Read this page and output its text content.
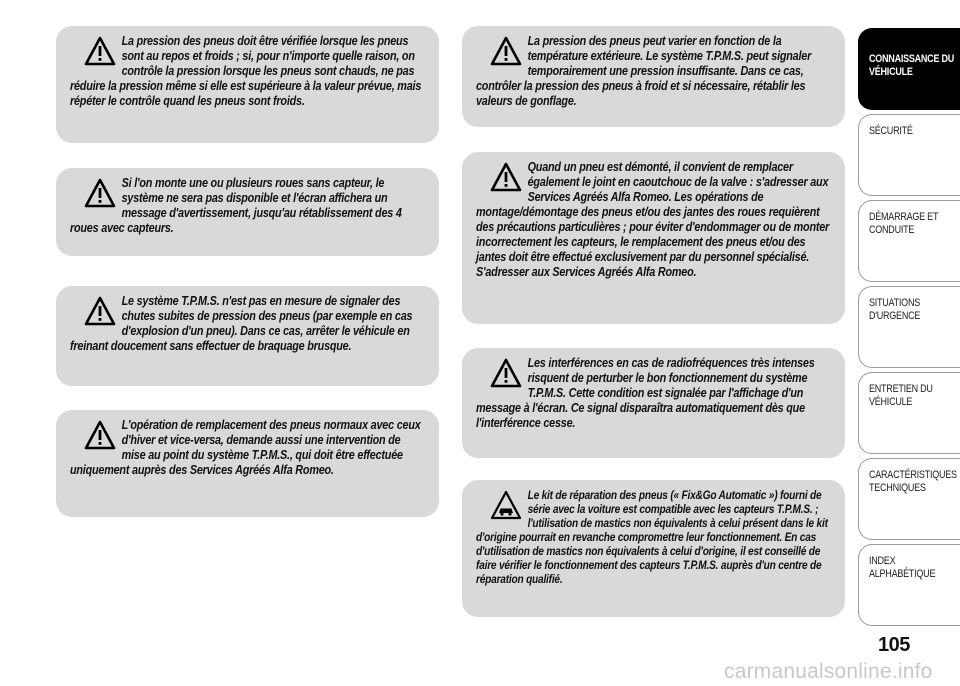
La pression des pneus doit être vérifiée lorsque les pneus sont au repos et froids ; si, pour n'importe quelle raison, on contrôle la pression lorsque les pneus sont chauds, ne pas réduire la pression même si elle est supérieure à la valeur prévue, mais répéter le contrôle quand les pneus sont froids.

Si l'on monte une ou plusieurs roues sans capteur, le système ne sera pas disponible et l'écran affichera un message d'avertissement, jusqu'au rétablissement des 4 roues avec capteurs.

Le système T.P.M.S. n'est pas en mesure de signaler des chutes subites de pression des pneus (par exemple en cas d'explosion d'un pneu). Dans ce cas, arrêter le véhicule en freinant doucement sans effectuer de braquage brusque.

L'opération de remplacement des pneus normaux avec ceux d'hiver et vice-versa, demande aussi une intervention de mise au point du système T.P.M.S., qui doit être effectuée uniquement auprès des Services Agréés Alfa Romeo.

La pression des pneus peut varier en fonction de la température extérieure. Le système T.P.M.S. peut signaler temporairement une pression insuffisante. Dans ce cas, contrôler la pression des pneus à froid et si nécessaire, rétablir les valeurs de gonflage.

Quand un pneu est démonté, il convient de remplacer également le joint en caoutchouc de la valve : s'adresser aux Services Agréés Alfa Romeo. Les opérations de montage/démontage des pneus et/ou des jantes des roues requièrent des précautions particulières ; pour éviter d'endommager ou de monter incorrectement les capteurs, le remplacement des pneus et/ou des jantes doit être effectué exclusivement par du personnel spécialisé. S'adresser aux Services Agréés Alfa Romeo.

Les interférences en cas de radiofréquences très intenses risquent de perturber le bon fonctionnement du système T.P.M.S. Cette condition est signalée par l'affichage d'un message à l'écran. Ce signal disparaîtra automatiquement dès que l'interférence cesse.

Le kit de réparation des pneus (« Fix&Go Automatic ») fourni de série avec la voiture est compatible avec les capteurs T.P.M.S. ; l'utilisation de mastics non équivalents à celui présent dans le kit d'origine pourrait en revanche compromettre leur fonctionnement. En cas d'utilisation de mastics non équivalents à celui d'origine, il est conseillé de faire vérifier le fonctionnement des capteurs T.P.M.S. auprès d'un centre de réparation qualifié.

CONNAISSANCE DU VÉHICULE
SÉCURITÉ
DÉMARRAGE ET CONDUITE
SITUATIONS D'URGENCE
ENTRETIEN DU VÉHICULE
CARACTÉRISTIQUES TECHNIQUES
INDEX ALPHABÉTIQUE
105
carmanualsonline.info
